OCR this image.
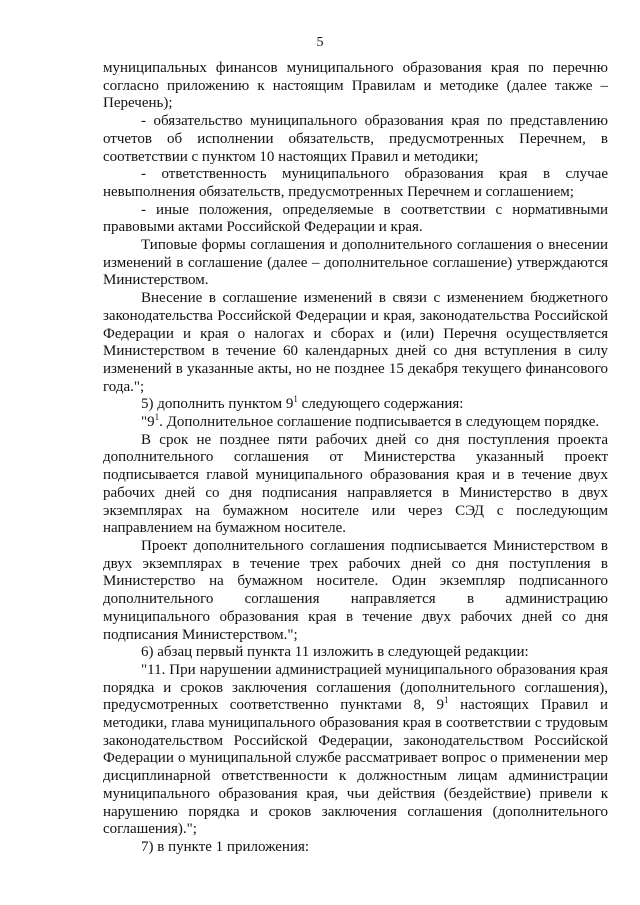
5

муниципальных финансов муниципального образования края по перечню согласно приложению к настоящим Правилам и методике (далее также – Перечень);

- обязательство муниципального образования края по представлению отчетов об исполнении обязательств, предусмотренных Перечнем, в соответствии с пунктом 10 настоящих Правил и методики;

- ответственность муниципального образования края в случае невыполнения обязательств, предусмотренных Перечнем и соглашением;

- иные положения, определяемые в соответствии с нормативными правовыми актами Российской Федерации и края.

Типовые формы соглашения и дополнительного соглашения о внесении изменений в соглашение (далее – дополнительное соглашение) утверждаются Министерством.

Внесение в соглашение изменений в связи с изменением бюджетного законодательства Российской Федерации и края, законодательства Российской Федерации и края о налогах и сборах и (или) Перечня осуществляется Министерством в течение 60 календарных дней со дня вступления в силу изменений в указанные акты, но не позднее 15 декабря текущего финансового года.";

5) дополнить пунктом $9^1$ следующего содержания:

"$9^1$. Дополнительное соглашение подписывается в следующем порядке.

В срок не позднее пяти рабочих дней со дня поступления проекта дополнительного соглашения от Министерства указанный проект подписывается главой муниципального образования края и в течение двух рабочих дней со дня подписания направляется в Министерство в двух экземплярах на бумажном носителе или через СЭД с последующим направлением на бумажном носителе.

Проект дополнительного соглашения подписывается Министерством в двух экземплярах в течение трех рабочих дней со дня поступления в Министерство на бумажном носителе. Один экземпляр подписанного дополнительного соглашения направляется в администрацию муниципального образования края в течение двух рабочих дней со дня подписания Министерством.";

6) абзац первый пункта 11 изложить в следующей редакции:

"11. При нарушении администрацией муниципального образования края порядка и сроков заключения соглашения (дополнительного соглашения), предусмотренных соответственно пунктами 8, $9^1$ настоящих Правил и методики, глава муниципального образования края в соответствии с трудовым законодательством Российской Федерации, законодательством Российской Федерации о муниципальной службе рассматривает вопрос о применении мер дисциплинарной ответственности к должностным лицам администрации муниципального образования края, чьи действия (бездействие) привели к нарушению порядка и сроков заключения соглашения (дополнительного соглашения).";

7) в пункте 1 приложения:
